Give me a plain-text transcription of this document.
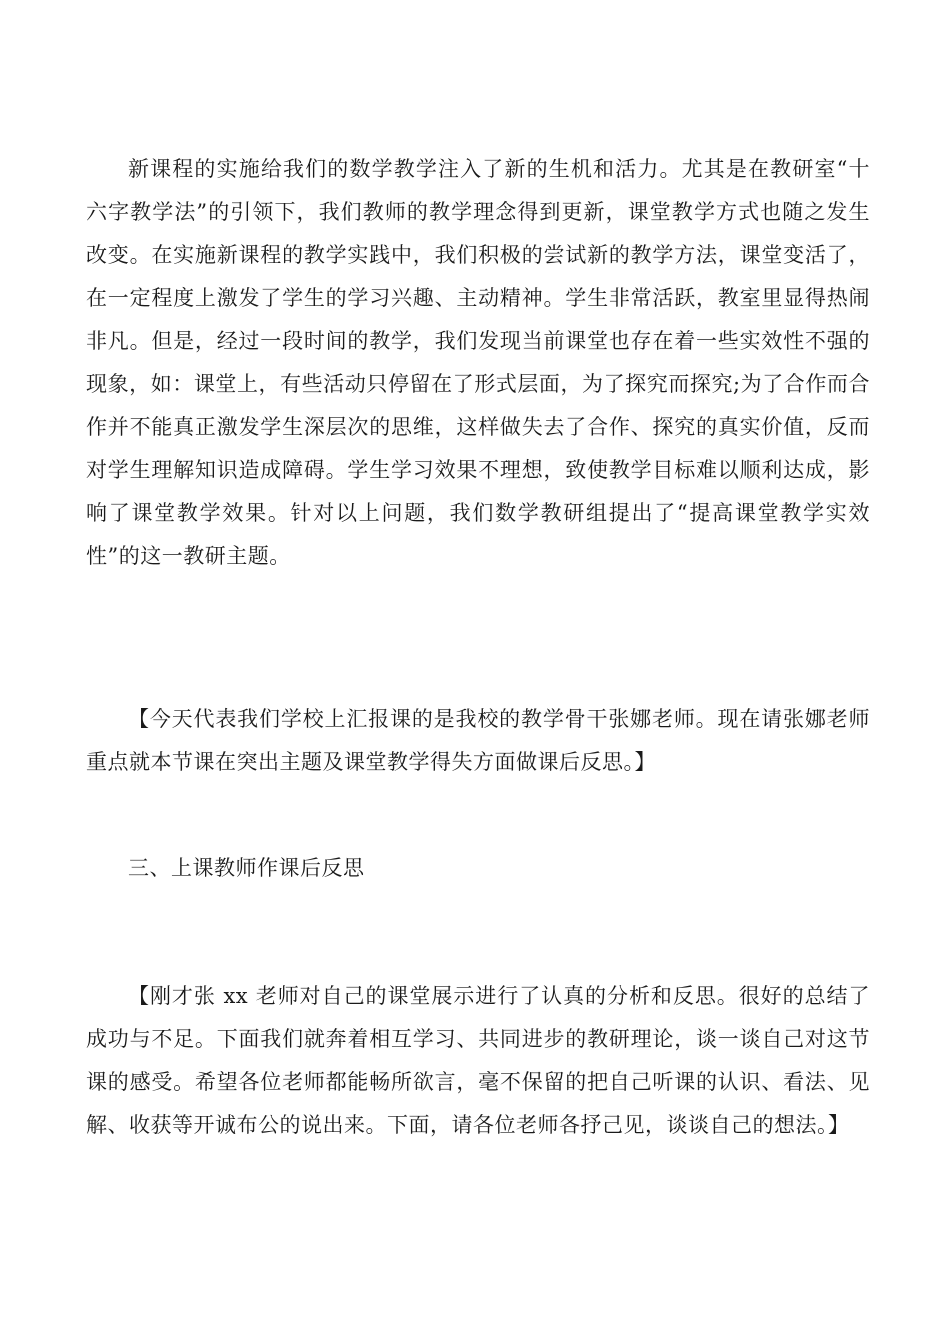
新课程的实施给我们的数学教学注入了新的生机和活力。尤其是在教研室“十六字教学法”的引领下，我们教师的教学理念得到更新，课堂教学方式也随之发生改变。在实施新课程的教学实践中，我们积极的尝试新的教学方法，课堂变活了，在一定程度上激发了学生的学习兴趣、主动精神。学生非常活跃，教室里显得热闹非凡。但是，经过一段时间的教学，我们发现当前课堂也存在着一些实效性不强的现象，如：课堂上，有些活动只停留在了形式层面，为了探究而探究;为了合作而合作并不能真正激发学生深层次的思维，这样做失去了合作、探究的真实价值，反而对学生理解知识造成障碍。学生学习效果不理想，致使教学目标难以顺利达成，影响了课堂教学效果。针对以上问题，我们数学教研组提出了“提高课堂教学实效性”的这一教研主题。

【今天代表我们学校上汇报课的是我校的教学骨干张娜老师。现在请张娜老师重点就本节课在突出主题及课堂教学得失方面做课后反思。】

三、上课教师作课后反思

【刚才张 xx 老师对自己的课堂展示进行了认真的分析和反思。很好的总结了成功与不足。下面我们就奔着相互学习、共同进步的教研理论，谈一谈自己对这节课的感受。希望各位老师都能畅所欲言，毫不保留的把自己听课的认识、看法、见解、收获等开诚布公的说出来。下面，请各位老师各抒己见，谈谈自己的想法。】
